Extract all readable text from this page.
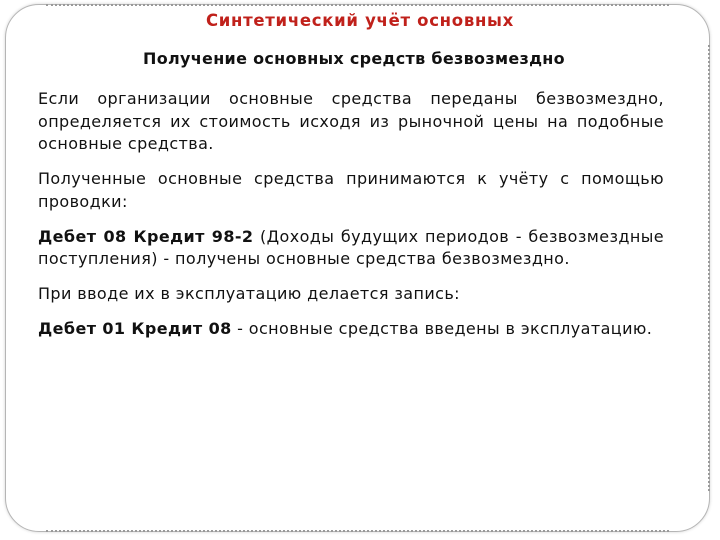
Синтетический учёт основных
Получение основных средств безвозмездно

Если организации основные средства переданы безвозмездно, определяется их стоимость исходя из рыночной цены на подобные основные средства.

Полученные основные средства принимаются к учёту с помощью проводки:

Дебет 08 Кредит 98-2 (Доходы будущих периодов - безвозмездные поступления) - получены основные средства безвозмездно.

При вводе их в эксплуатацию делается запись:

Дебет 01 Кредит 08 - основные средства введены в эксплуатацию.
